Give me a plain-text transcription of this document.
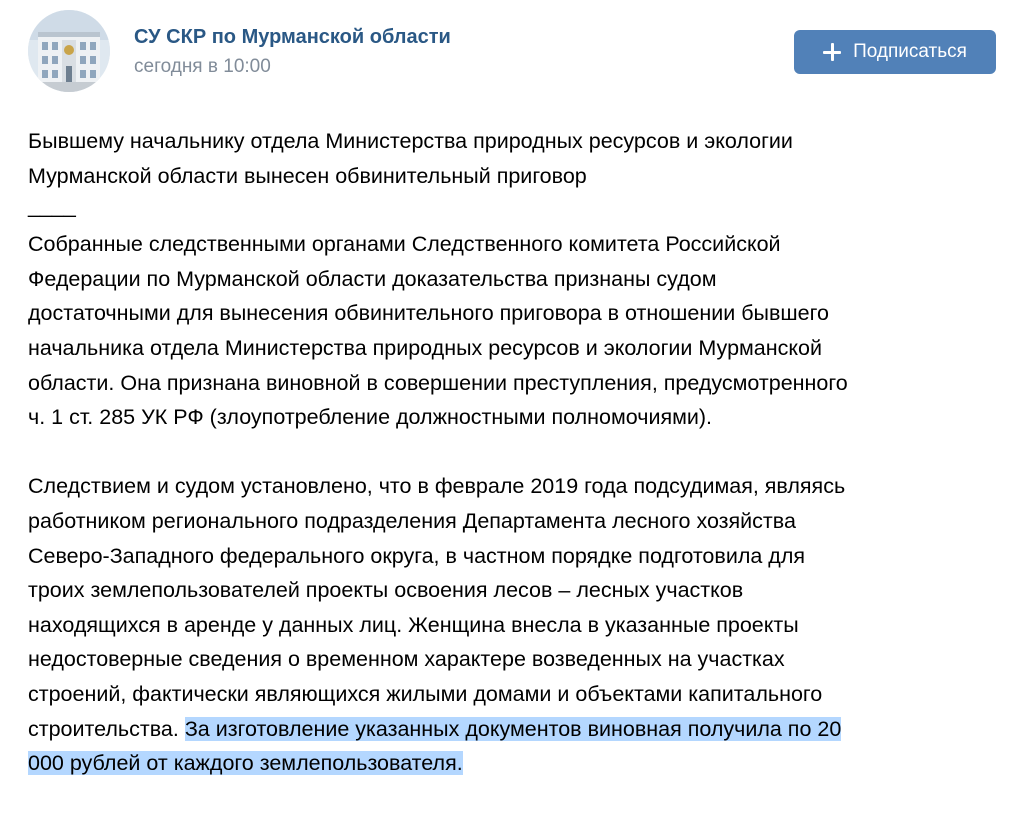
СУ СКР по Мурманской области
сегодня в 10:00
Подписаться

Бывшему начальнику отдела Министерства природных ресурсов и экологии
Мурманской области вынесен обвинительный приговор

____

Собранные следственными органами Следственного комитета Российской
Федерации по Мурманской области доказательства признаны судом
достаточными для вынесения обвинительного приговора в отношении бывшего
начальника отдела Министерства природных ресурсов и экологии Мурманской
области. Она признана виновной в совершении преступления, предусмотренного
ч. 1 ст. 285 УК РФ (злоупотребление должностными полномочиями).

Следствием и судом установлено, что в феврале 2019 года подсудимая, являясь
работником регионального подразделения Департамента лесного хозяйства
Северо-Западного федерального округа, в частном порядке подготовила для
троих землепользователей проекты освоения лесов – лесных участков
находящихся в аренде у данных лиц. Женщина внесла в указанные проекты
недостоверные сведения о временном характере возведенных на участках
строений, фактически являющихся жилыми домами и объектами капитального
строительства. За изготовление указанных документов виновная получила по 20
000 рублей от каждого землепользователя.
